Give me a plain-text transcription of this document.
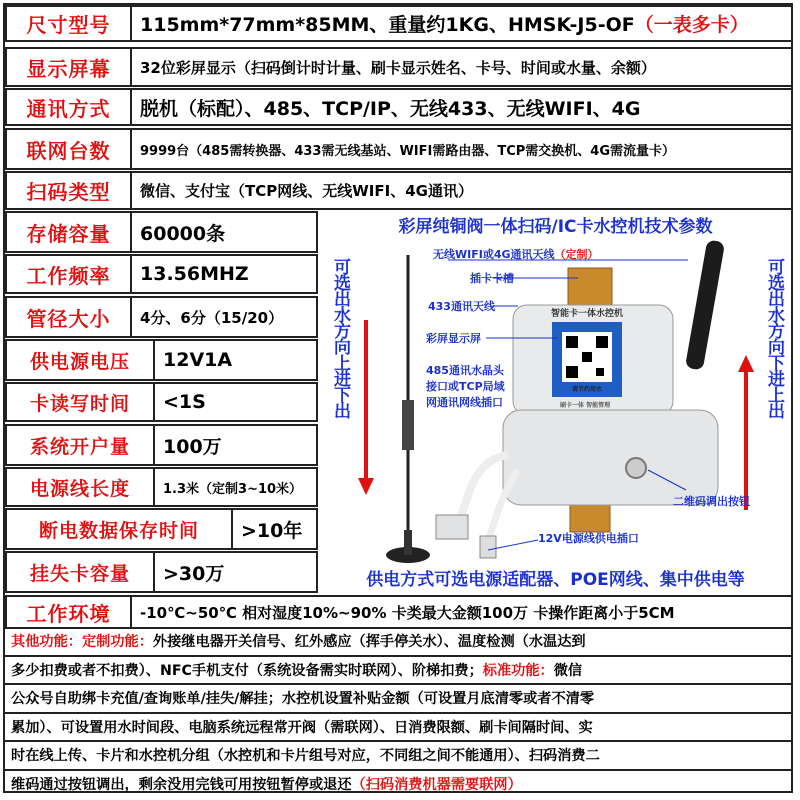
尺寸型号	115mm*77mm*85MM、重量约1KG、HMSK-J5-OF （一表多卡）
显示屏幕	32位彩屏显示（扫码倒计时计量、刷卡显示姓名、卡号、时间或水量、余额）
通讯方式	脱机（标配）、485、TCP/IP、无线433、无线WIFI、4G
联网台数	9999台（485需转换器、433需无线基站、WIFI需路由器、TCP需交换机、4G需流量卡）
扫码类型	微信、支付宝（TCP网线、无线WIFI、4G通讯）
存储容量	60000条
工作频率	13.56MHZ
管径大小	4分、6分（15/20）
供电源电压	12V1A
卡读写时间	<1S
系统开户量	100万
电源线长度	1.3米（定制3~10米）
断电数据保存时间	>10年
挂失卡容量	>30万
彩屏纯铜阀一体扫码/IC卡水控机技术参数
可选出水方向上进下出	可选出水方向下进上出
无线WIFI或4G通讯天线（定制）
插卡卡槽
433通讯天线
彩屏显示屏
485通讯水晶头
接口或TCP局域
网通讯网线插口
二维码调出按钮
12V电源线供电插口
智能卡一体水控机
请节约用水
刷卡一体 智能管理
供电方式可选电源适配器、POE网线、集中供电等
工作环境	-10℃~50℃ 相对湿度10%~90% 卡类最大金额100万 卡操作距离小于5CM
其他功能：定制功能：外接继电器开关信号、红外感应（挥手停关水）、温度检测（水温达到
多少扣费或者不扣费）、NFC手机支付（系统设备需实时联网）、阶梯扣费；标准功能：微信
公众号自助绑卡充值/查询账单/挂失/解挂；水控机设置补贴金额（可设置月底清零或者不清零
累加）、可设置用水时间段、电脑系统远程常开阀（需联网）、日消费限额、刷卡间隔时间、实
时在线上传、卡片和水控机分组（水控机和卡片组号对应，不同组之间不能通用）、扫码消费二
维码通过按钮调出，剩余没用完钱可用按钮暂停或退还（扫码消费机器需要联网）
